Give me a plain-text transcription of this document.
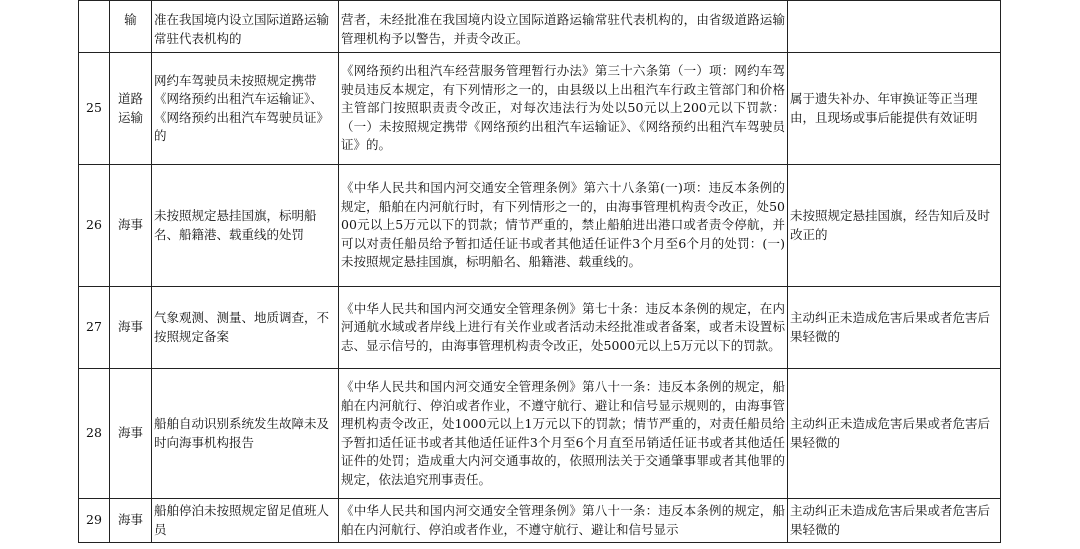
	输	准在我国境内设立国际道路运输常驻代表机构的	营者，未经批准在我国境内设立国际道路运输常驻代表机构的，由省级道路运输管理机构予以警告，并责令改正。	
25	道路运输	网约车驾驶员未按照规定携带《网络预约出租汽车运输证》、《网络预约出租汽车驾驶员证》的	《网络预约出租汽车经营服务管理暂行办法》第三十六条第（一）项：网约车驾驶员违反本规定，有下列情形之一的，由县级以上出租汽车行政主管部门和价格主管部门按照职责责令改正，对每次违法行为处以50元以上200元以下罚款：（一）未按照规定携带《网络预约出租汽车运输证》、《网络预约出租汽车驾驶员证》的。	属于遗失补办、年审换证等正当理由，且现场或事后能提供有效证明
26	海事	未按照规定悬挂国旗，标明船名、船籍港、载重线的处罚	《中华人民共和国内河交通安全管理条例》第六十八条第(一)项：违反本条例的规定，船舶在内河航行时，有下列情形之一的，由海事管理机构责令改正，处5000元以上5万元以下的罚款；情节严重的，禁止船舶进出港口或者责令停航，并可以对责任船员给予暂扣适任证书或者其他适任证件3个月至6个月的处罚：(一)未按照规定悬挂国旗，标明船名、船籍港、载重线的。	未按照规定悬挂国旗，经告知后及时改正的
27	海事	气象观测、测量、地质调查，不按照规定备案	《中华人民共和国内河交通安全管理条例》第七十条：违反本条例的规定，在内河通航水域或者岸线上进行有关作业或者活动未经批准或者备案，或者未设置标志、显示信号的，由海事管理机构责令改正，处5000元以上5万元以下的罚款。	主动纠正未造成危害后果或者危害后果轻微的
28	海事	船舶自动识别系统发生故障未及时向海事机构报告	《中华人民共和国内河交通安全管理条例》第八十一条：违反本条例的规定，船舶在内河航行、停泊或者作业，不遵守航行、避让和信号显示规则的，由海事管理机构责令改正，处1000元以上1万元以下的罚款；情节严重的，对责任船员给予暂扣适任证书或者其他适任证件3个月至6个月直至吊销适任证书或者其他适任证件的处罚；造成重大内河交通事故的，依照刑法关于交通肇事罪或者其他罪的规定，依法追究刑事责任。	主动纠正未造成危害后果或者危害后果轻微的
29	海事	船舶停泊未按照规定留足值班人员	《中华人民共和国内河交通安全管理条例》第八十一条：违反本条例的规定，船舶在内河航行、停泊或者作业，不遵守航行、避让和信号显示	主动纠正未造成危害后果或者危害后果轻微的
